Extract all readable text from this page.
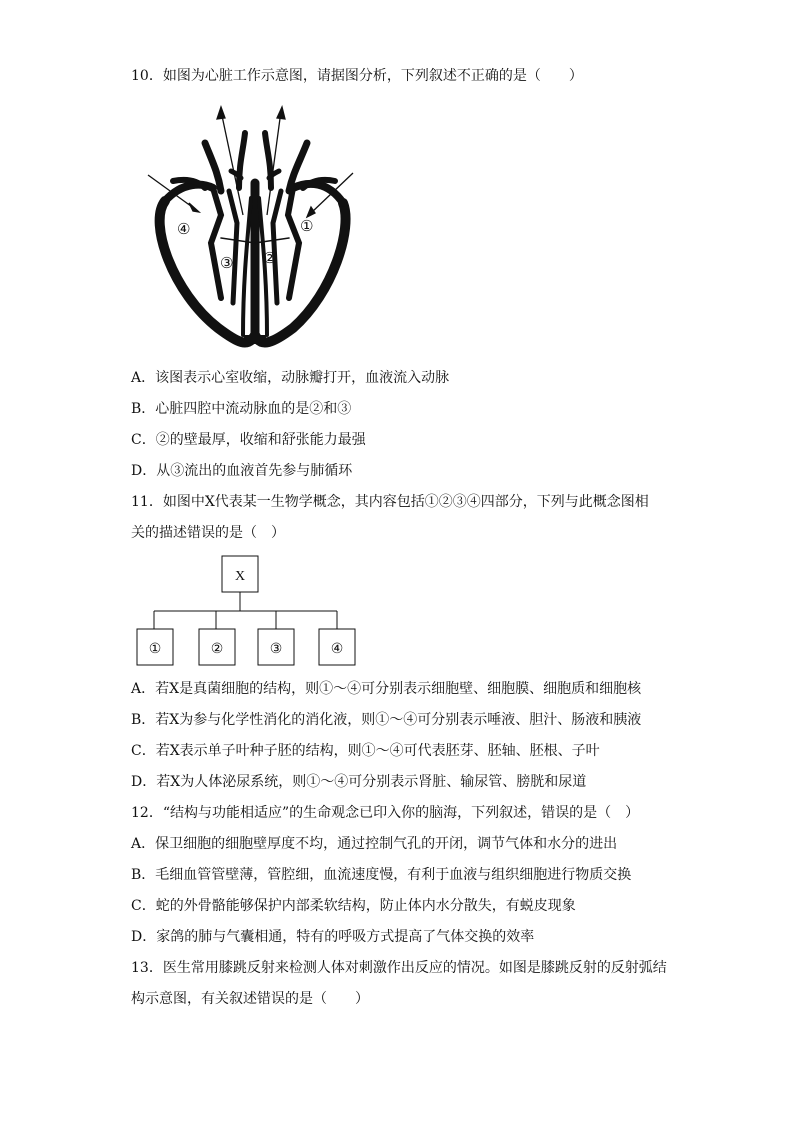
10．如图为心脏工作示意图，请据图分析，下列叙述不正确的是（　　）
④	①
③ ②
A．该图表示心室收缩，动脉瓣打开，血液流入动脉
B．心脏四腔中流动脉血的是②和③
C．②的壁最厚，收缩和舒张能力最强
D．从③流出的血液首先参与肺循环
11．如图中X代表某一生物学概念，其内容包括①②③④四部分，下列与此概念图相
关的描述错误的是（　）
X
①	②	③	④
A．若X是真菌细胞的结构，则①～④可分别表示细胞壁、细胞膜、细胞质和细胞核
B．若X为参与化学性消化的消化液，则①～④可分别表示唾液、胆汁、肠液和胰液
C．若X表示单子叶种子胚的结构，则①～④可代表胚芽、胚轴、胚根、子叶
D．若X为人体泌尿系统，则①～④可分别表示肾脏、输尿管、膀胱和尿道
12．“结构与功能相适应”的生命观念已印入你的脑海，下列叙述，错误的是（　）
A．保卫细胞的细胞壁厚度不均，通过控制气孔的开闭，调节气体和水分的进出
B．毛细血管管壁薄，管腔细，血流速度慢，有利于血液与组织细胞进行物质交换
C．蛇的外骨骼能够保护内部柔软结构，防止体内水分散失，有蜕皮现象
D．家鸽的肺与气囊相通，特有的呼吸方式提高了气体交换的效率
13．医生常用膝跳反射来检测人体对刺激作出反应的情况。如图是膝跳反射的反射弧结
构示意图，有关叙述错误的是（　　）
